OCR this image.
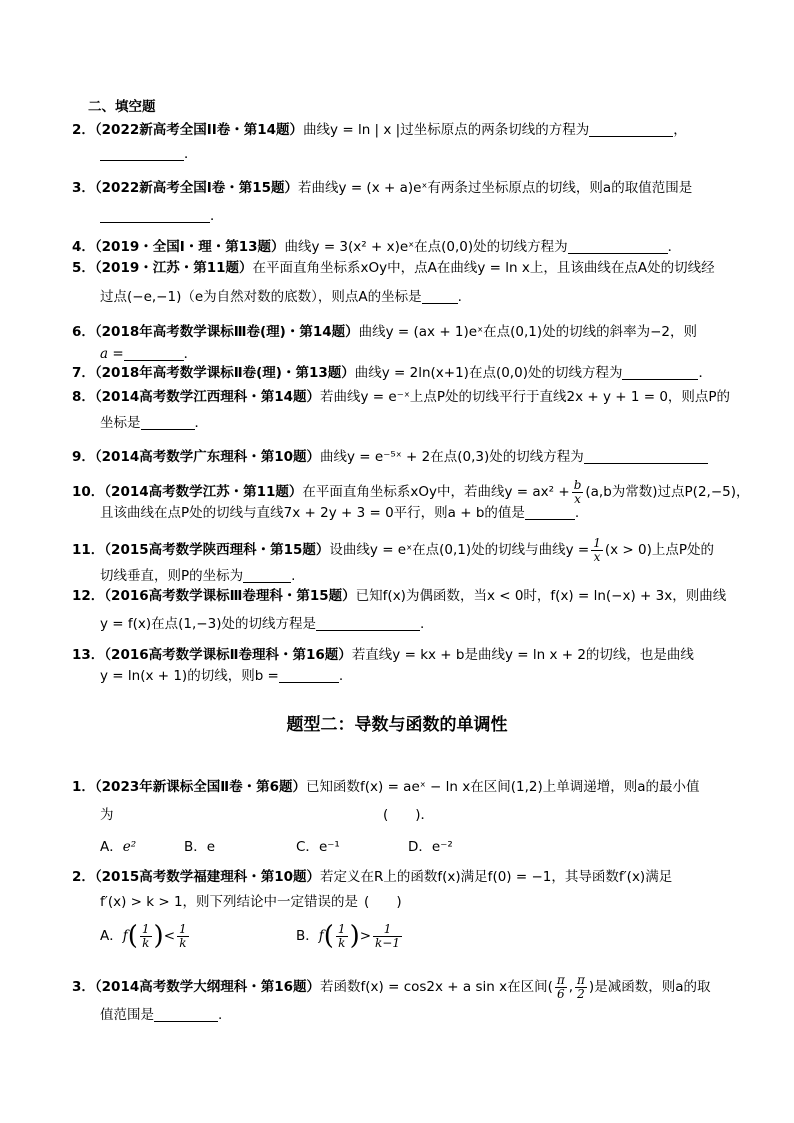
二、填空题
2．（2022新高考全国II卷・第14题）曲线y = ln | x |过坐标原点的两条切线的方程为	，
．
3．（2022新高考全国I卷・第15题）若曲线y = (x + a)eˣ有两条过坐标原点的切线，则a的取值范围是
．
4．（2019・全国Ⅰ・理・第13题）曲线y = 3(x² + x)eˣ在点(0,0)处的切线方程为	．
5．（2019・江苏・第11题）在平面直角坐标系xOy中，点A在曲线y = ln x上，且该曲线在点A处的切线经
过点(−e,−1)（e为自然对数的底数），则点A的坐标是	.
6．（2018年高考数学课标Ⅲ卷(理)・第14题）曲线y = (ax + 1)eˣ在点(0,1)处的切线的斜率为−2，则
a =	．
7．（2018年高考数学课标Ⅱ卷(理)・第13题）曲线y = 2ln(x+1)在点(0,0)处的切线方程为	．
8．（2014高考数学江西理科・第14题）若曲线y = e⁻ˣ上点P处的切线平行于直线2x + y + 1 = 0，则点P的
坐标是	．
9．（2014高考数学广东理科・第10题）曲线y = e⁻⁵ˣ + 2在点(0,3)处的切线方程为
10．（2014高考数学江苏・第11题）在平面直角坐标系xOy中，若曲线$y = ax^2 + \frac{b}{x} (a,b$为常数)过点P(2,−5)，
且该曲线在点P处的切线与直线7x + 2y + 3 = 0平行，则a + b的值是	.
11．（2015高考数学陕西理科・第15题）设曲线y = eˣ在点(0,1)处的切线与曲线$y = \frac{1}{x} (x > 0)$上点P处的
切线垂直，则P的坐标为	.
12．（2016高考数学课标Ⅲ卷理科・第15题）已知f(x)为偶函数，当x < 0时，f(x) = ln(−x) + 3x，则曲线
y = f(x)在点(1,−3)处的切线方程是	.
13．（2016高考数学课标Ⅱ卷理科・第16题）若直线y = kx + b是曲线y = ln x + 2的切线，也是曲线
y = ln(x + 1)的切线，则b =	.
题型二：导数与函数的单调性
1．（2023年新课标全国Ⅱ卷・第6题）已知函数f(x) = aeˣ − ln x在区间(1,2)上单调递增，则a的最小值
为	(　　)．
A．e²	B．e	C．e⁻¹	D．e⁻²
2．（2015高考数学福建理科・第10题）若定义在R上的函数f(x)满足f(0) = −1，其导函数f′(x)满足
f′(x) > k > 1，则下列结论中一定错误的是 (　　)
A．$f( \frac{1}{k}$ )< $\frac{1}{k}$	B．$f( \frac{1}{k}$ )> $\frac{1}{k-1}$
3．（2014高考数学大纲理科・第16题）若函数f(x) = cos2x + a sin x在区间( $\frac{\pi}{6}$ , $\frac{\pi}{2}$ )是减函数，则a的取
值范围是	.
